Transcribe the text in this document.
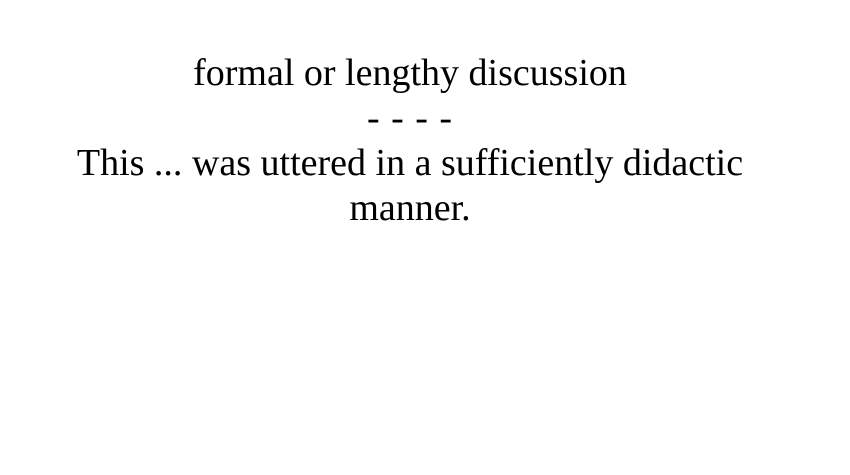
formal or lengthy discussion
- - - -
This ... was uttered in a sufficiently didactic manner.
